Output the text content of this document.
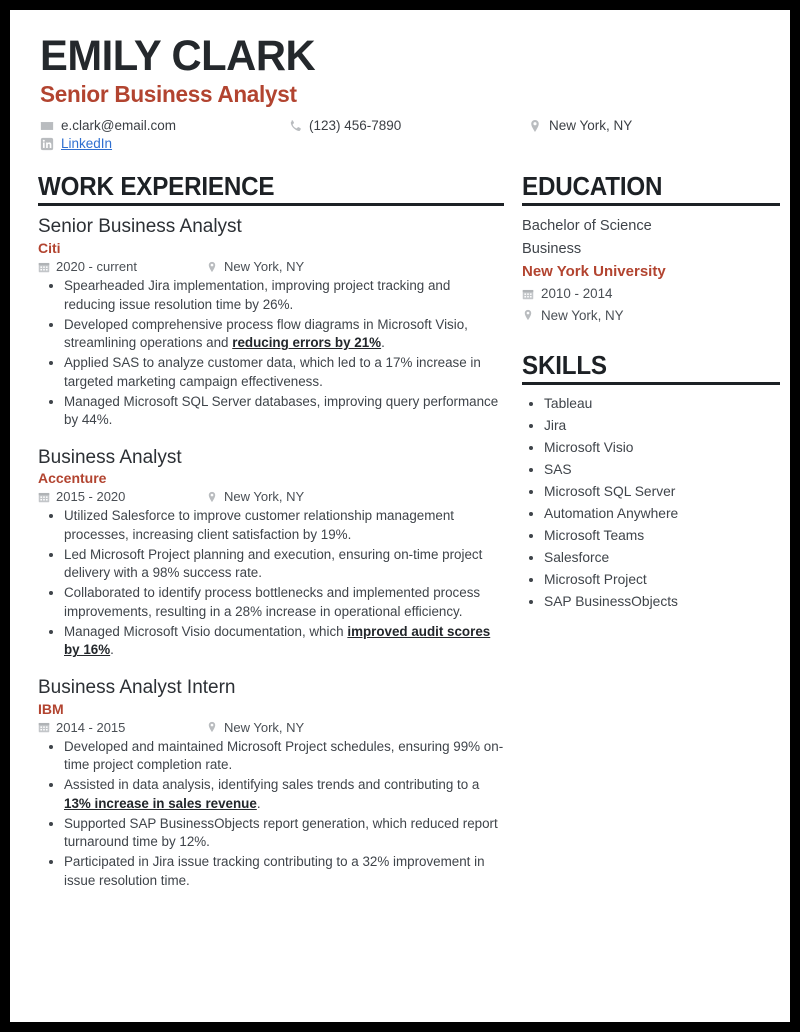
EMILY CLARK
Senior Business Analyst
e.clark@email.com	(123) 456-7890	New York, NY
LinkedIn
WORK EXPERIENCE
Senior Business Analyst
Citi
2020 - current	New York, NY
• Spearheaded Jira implementation, improving project tracking and reducing issue resolution time by 26%.
• Developed comprehensive process flow diagrams in Microsoft Visio, streamlining operations and reducing errors by 21%.
• Applied SAS to analyze customer data, which led to a 17% increase in targeted marketing campaign effectiveness.
• Managed Microsoft SQL Server databases, improving query performance by 44%.
Business Analyst
Accenture
2015 - 2020	New York, NY
• Utilized Salesforce to improve customer relationship management processes, increasing client satisfaction by 19%.
• Led Microsoft Project planning and execution, ensuring on-time project delivery with a 98% success rate.
• Collaborated to identify process bottlenecks and implemented process improvements, resulting in a 28% increase in operational efficiency.
• Managed Microsoft Visio documentation, which improved audit scores by 16%.
Business Analyst Intern
IBM
2014 - 2015	New York, NY
• Developed and maintained Microsoft Project schedules, ensuring 99% on-time project completion rate.
• Assisted in data analysis, identifying sales trends and contributing to a 13% increase in sales revenue.
• Supported SAP BusinessObjects report generation, which reduced report turnaround time by 12%.
• Participated in Jira issue tracking contributing to a 32% improvement in issue resolution time.
EDUCATION
Bachelor of Science
Business
New York University
2010 - 2014
New York, NY
SKILLS
• Tableau
• Jira
• Microsoft Visio
• SAS
• Microsoft SQL Server
• Automation Anywhere
• Microsoft Teams
• Salesforce
• Microsoft Project
• SAP BusinessObjects
